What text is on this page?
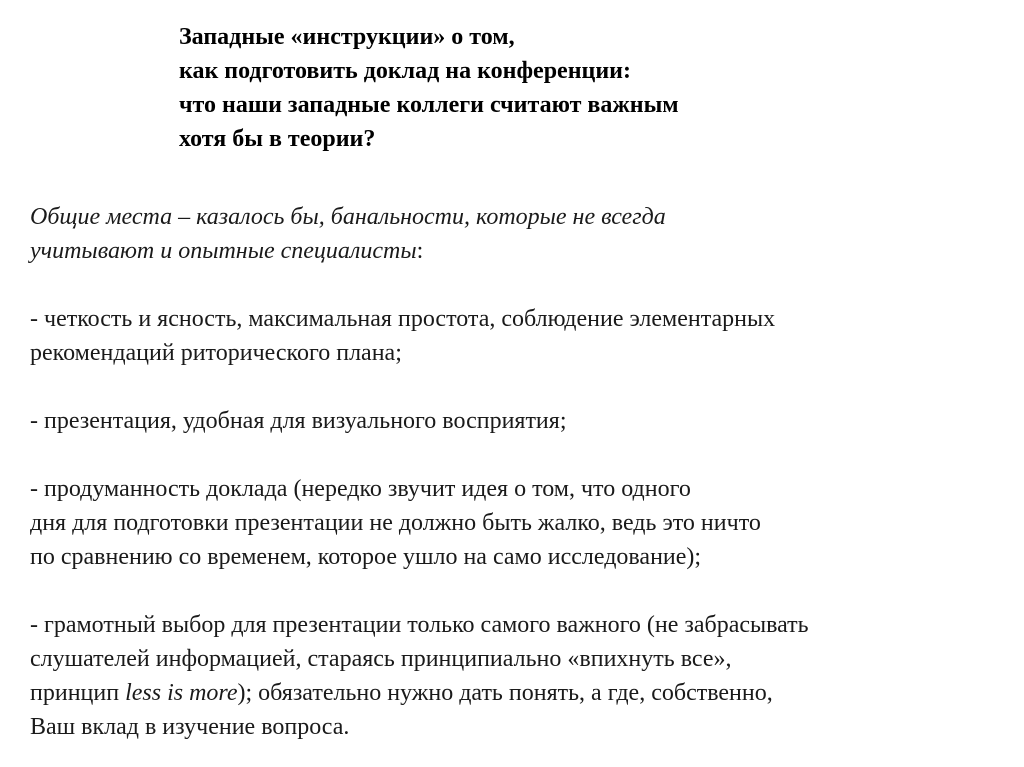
Западные «инструкции» о том,
как подготовить доклад на конференции:
что наши западные коллеги считают важным
хотя бы в теории?
Общие места – казалось бы, банальности, которые не всегда
учитывают и опытные специалисты:
- четкость и ясность, максимальная простота, соблюдение элементарных
рекомендаций риторического плана;
- презентация, удобная для визуального восприятия;
- продуманность доклада (нередко звучит идея о том, что одного
дня для подготовки презентации не должно быть жалко, ведь это ничто
по сравнению со временем, которое ушло на само исследование);
- грамотный выбор для презентации только самого важного (не забрасывать
слушателей информацией, стараясь принципиально «впихнуть все»,
принцип less is more); обязательно нужно дать понять, а где, собственно,
Ваш вклад в изучение вопроса.
